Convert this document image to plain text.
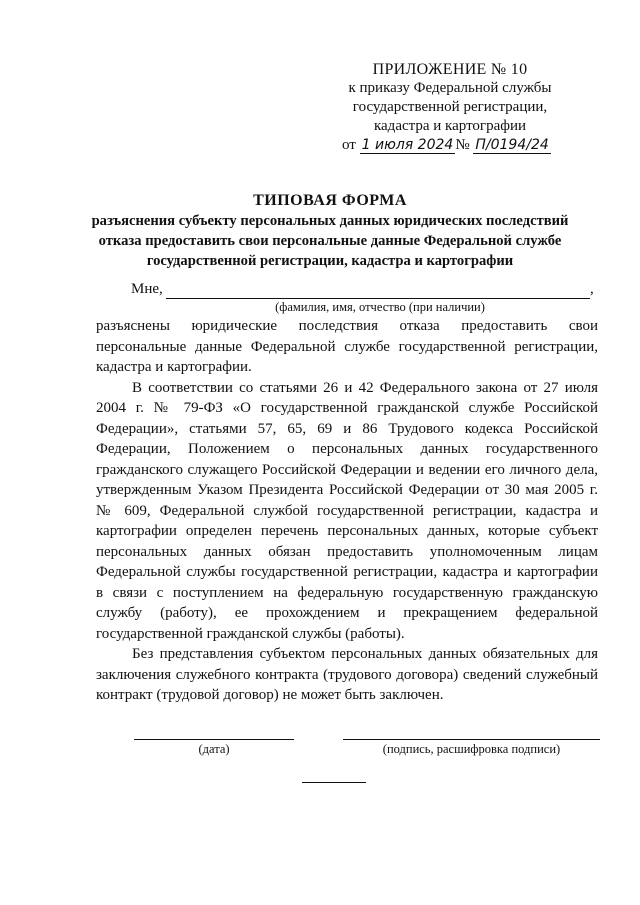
ПРИЛОЖЕНИЕ № 10
к приказу Федеральной службы
государственной регистрации,
кадастра и картографии
от 1 июля 2024 № П/0194/24
ТИПОВАЯ ФОРМА
разъяснения субъекту персональных данных юридических последствий
отказа предоставить свои персональные данные Федеральной службе
государственной регистрации, кадастра и картографии
Мне,	,
(фамилия, имя, отчество (при наличии)

разъяснены юридические последствия отказа предоставить свои персональные данные Федеральной службе государственной регистрации, кадастра и картографии.

В соответствии со статьями 26 и 42 Федерального закона от 27 июля 2004 г. № 79-ФЗ «О государственной гражданской службе Российской Федерации», статьями 57, 65, 69 и 86 Трудового кодекса Российской Федерации, Положением о персональных данных государственного гражданского служащего Российской Федерации и ведении его личного дела, утвержденным Указом Президента Российской Федерации от 30 мая 2005 г. № 609, Федеральной службой государственной регистрации, кадастра и картографии определен перечень персональных данных, которые субъект персональных данных обязан предоставить уполномоченным лицам Федеральной службы государственной регистрации, кадастра и картографии в связи с поступлением на федеральную государственную гражданскую службу (работу), ее прохождением и прекращением федеральной государственной гражданской службы (работы).

Без представления субъектом персональных данных обязательных для заключения служебного контракта (трудового договора) сведений служебный контракт (трудовой договор) не может быть заключен.

(дата)	(подпись, расшифровка подписи)
